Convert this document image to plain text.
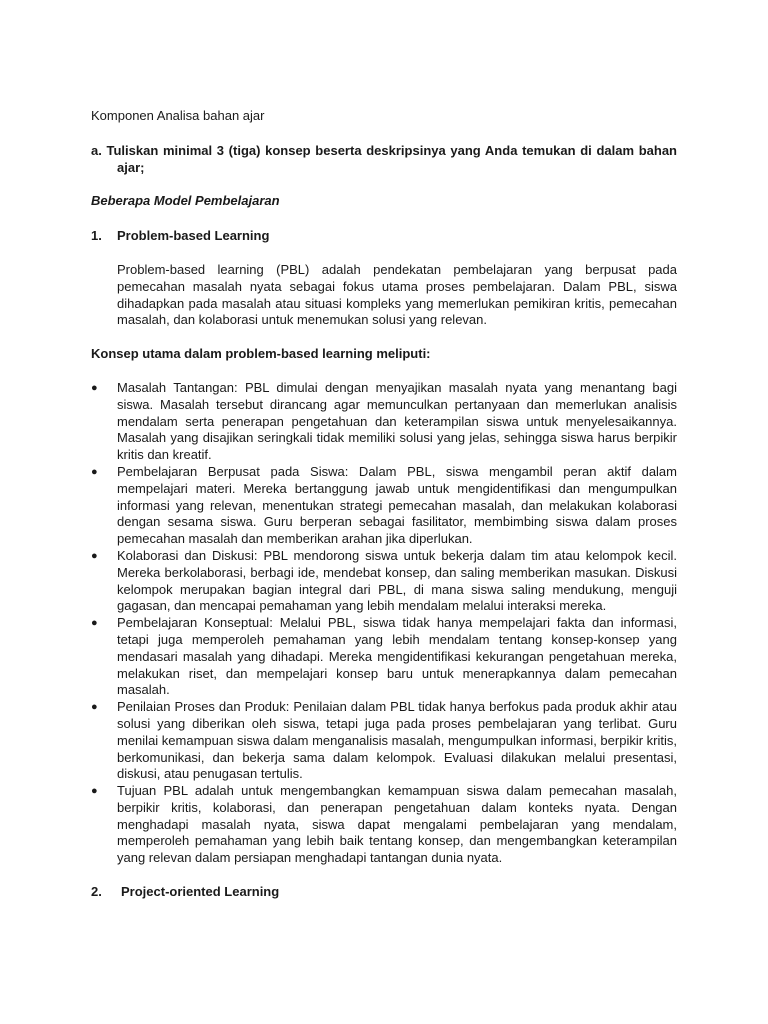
Komponen Analisa bahan ajar

a. Tuliskan minimal 3 (tiga) konsep beserta deskripsinya yang Anda temukan di dalam bahan ajar;

Beberapa Model Pembelajaran

1.	Problem-based Learning

Problem-based learning (PBL) adalah pendekatan pembelajaran yang berpusat pada pemecahan masalah nyata sebagai fokus utama proses pembelajaran. Dalam PBL, siswa dihadapkan pada masalah atau situasi kompleks yang memerlukan pemikiran kritis, pemecahan masalah, dan kolaborasi untuk menemukan solusi yang relevan.

Konsep utama dalam problem-based learning meliputi:

●	Masalah Tantangan: PBL dimulai dengan menyajikan masalah nyata yang menantang bagi siswa. Masalah tersebut dirancang agar memunculkan pertanyaan dan memerlukan analisis mendalam serta penerapan pengetahuan dan keterampilan siswa untuk menyelesaikannya. Masalah yang disajikan seringkali tidak memiliki solusi yang jelas, sehingga siswa harus berpikir kritis dan kreatif.
●	Pembelajaran Berpusat pada Siswa: Dalam PBL, siswa mengambil peran aktif dalam mempelajari materi. Mereka bertanggung jawab untuk mengidentifikasi dan mengumpulkan informasi yang relevan, menentukan strategi pemecahan masalah, dan melakukan kolaborasi dengan sesama siswa. Guru berperan sebagai fasilitator, membimbing siswa dalam proses pemecahan masalah dan memberikan arahan jika diperlukan.
●	Kolaborasi dan Diskusi: PBL mendorong siswa untuk bekerja dalam tim atau kelompok kecil. Mereka berkolaborasi, berbagi ide, mendebat konsep, dan saling memberikan masukan. Diskusi kelompok merupakan bagian integral dari PBL, di mana siswa saling mendukung, menguji gagasan, dan mencapai pemahaman yang lebih mendalam melalui interaksi mereka.
●	Pembelajaran Konseptual: Melalui PBL, siswa tidak hanya mempelajari fakta dan informasi, tetapi juga memperoleh pemahaman yang lebih mendalam tentang konsep-konsep yang mendasari masalah yang dihadapi. Mereka mengidentifikasi kekurangan pengetahuan mereka, melakukan riset, dan mempelajari konsep baru untuk menerapkannya dalam pemecahan masalah.
●	Penilaian Proses dan Produk: Penilaian dalam PBL tidak hanya berfokus pada produk akhir atau solusi yang diberikan oleh siswa, tetapi juga pada proses pembelajaran yang terlibat. Guru menilai kemampuan siswa dalam menganalisis masalah, mengumpulkan informasi, berpikir kritis, berkomunikasi, dan bekerja sama dalam kelompok. Evaluasi dilakukan melalui presentasi, diskusi, atau penugasan tertulis.
●	Tujuan PBL adalah untuk mengembangkan kemampuan siswa dalam pemecahan masalah, berpikir kritis, kolaborasi, dan penerapan pengetahuan dalam konteks nyata. Dengan menghadapi masalah nyata, siswa dapat mengalami pembelajaran yang mendalam, memperoleh pemahaman yang lebih baik tentang konsep, dan mengembangkan keterampilan yang relevan dalam persiapan menghadapi tantangan dunia nyata.
2.	Project-oriented Learning
